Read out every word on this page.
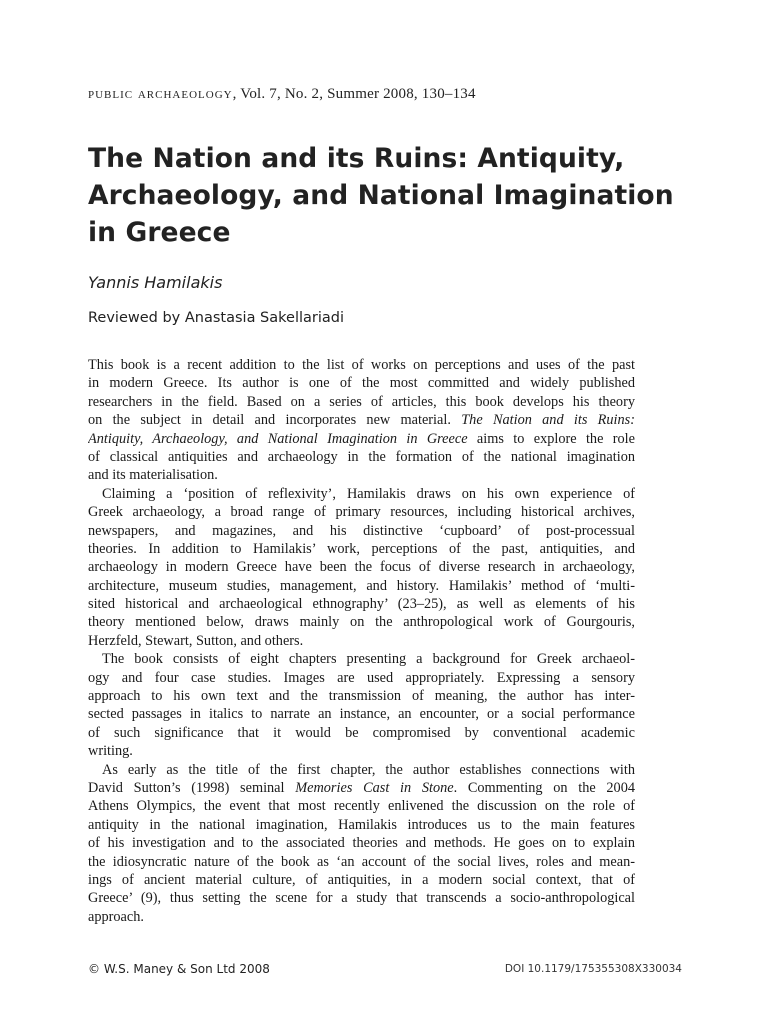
public archaeology, Vol. 7, No. 2, Summer 2008, 130–134
The Nation and its Ruins: Antiquity,
Archaeology, and National Imagination
in Greece
Yannis Hamilakis
Reviewed by Anastasia Sakellariadi
This book is a recent addition to the list of works on perceptions and uses of the past
in modern Greece. Its author is one of the most committed and widely published
researchers in the field. Based on a series of articles, this book develops his theory
on the subject in detail and incorporates new material. The Nation and its Ruins:
Antiquity, Archaeology, and National Imagination in Greece aims to explore the role
of classical antiquities and archaeology in the formation of the national imagination
and its materialisation.
Claiming a ‘position of reflexivity’, Hamilakis draws on his own experience of
Greek archaeology, a broad range of primary resources, including historical archives,
newspapers, and magazines, and his distinctive ‘cupboard’ of post-processual
theories. In addition to Hamilakis’ work, perceptions of the past, antiquities, and
archaeology in modern Greece have been the focus of diverse research in archaeology,
architecture, museum studies, management, and history. Hamilakis’ method of ‘multi-
sited historical and archaeological ethnography’ (23–25), as well as elements of his
theory mentioned below, draws mainly on the anthropological work of Gourgouris,
Herzfeld, Stewart, Sutton, and others.
The book consists of eight chapters presenting a background for Greek archaeol-
ogy and four case studies. Images are used appropriately. Expressing a sensory
approach to his own text and the transmission of meaning, the author has inter-
sected passages in italics to narrate an instance, an encounter, or a social performance
of such significance that it would be compromised by conventional academic
writing.
As early as the title of the first chapter, the author establishes connections with
David Sutton’s (1998) seminal Memories Cast in Stone. Commenting on the 2004
Athens Olympics, the event that most recently enlivened the discussion on the role of
antiquity in the national imagination, Hamilakis introduces us to the main features
of his investigation and to the associated theories and methods. He goes on to explain
the idiosyncratic nature of the book as ‘an account of the social lives, roles and mean-
ings of ancient material culture, of antiquities, in a modern social context, that of
Greece’ (9), thus setting the scene for a study that transcends a socio-anthropological
approach.
© W.S. Maney & Son Ltd 2008	DOI 10.1179/175355308X330034
